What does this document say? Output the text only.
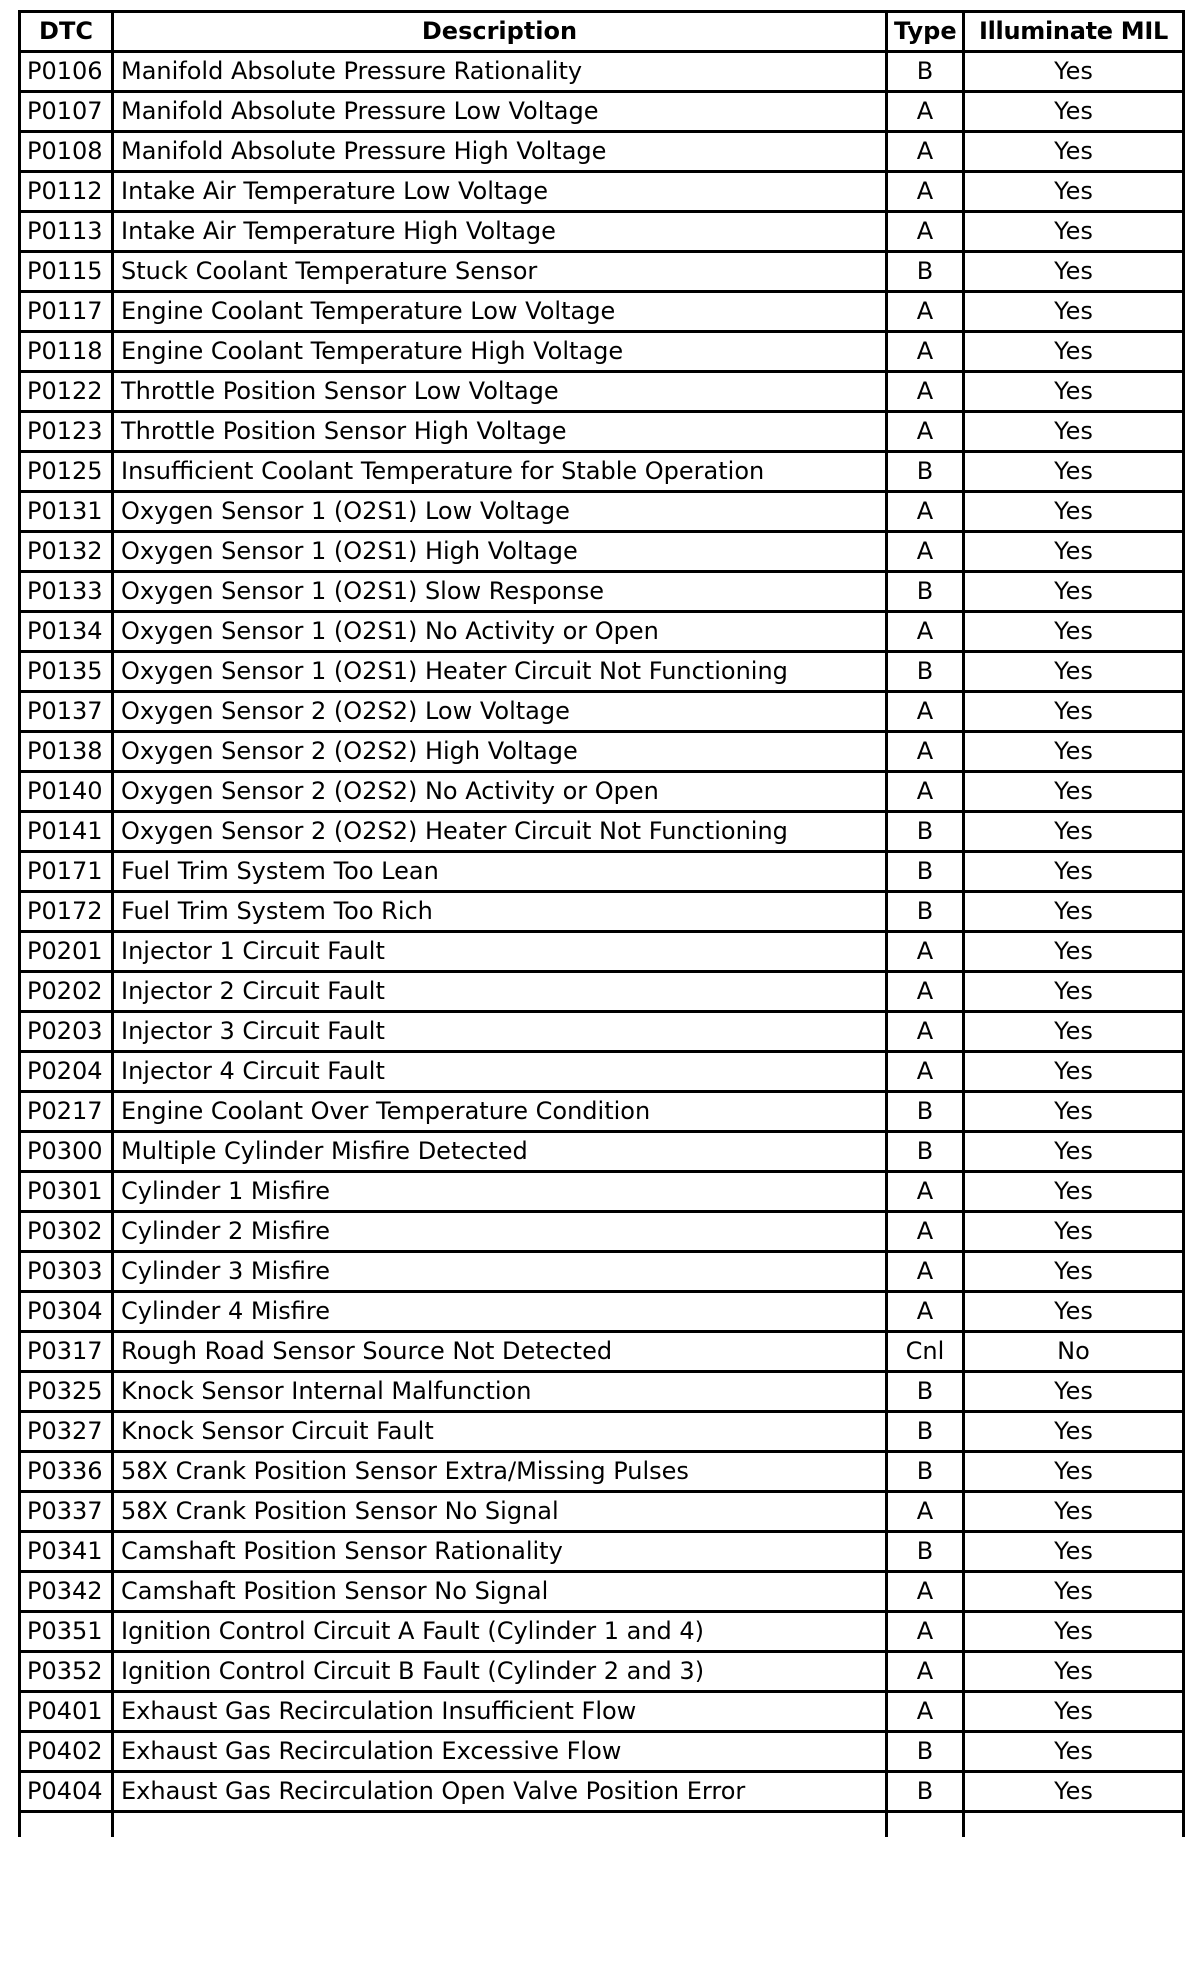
DTC	Description	Type	Illuminate MIL
P0106	Manifold Absolute Pressure Rationality	B	Yes
P0107	Manifold Absolute Pressure Low Voltage	A	Yes
P0108	Manifold Absolute Pressure High Voltage	A	Yes
P0112	Intake Air Temperature Low Voltage	A	Yes
P0113	Intake Air Temperature High Voltage	A	Yes
P0115	Stuck Coolant Temperature Sensor	B	Yes
P0117	Engine Coolant Temperature Low Voltage	A	Yes
P0118	Engine Coolant Temperature High Voltage	A	Yes
P0122	Throttle Position Sensor Low Voltage	A	Yes
P0123	Throttle Position Sensor High Voltage	A	Yes
P0125	Insufficient Coolant Temperature for Stable Operation	B	Yes
P0131	Oxygen Sensor 1 (O2S1) Low Voltage	A	Yes
P0132	Oxygen Sensor 1 (O2S1) High Voltage	A	Yes
P0133	Oxygen Sensor 1 (O2S1) Slow Response	B	Yes
P0134	Oxygen Sensor 1 (O2S1) No Activity or Open	A	Yes
P0135	Oxygen Sensor 1 (O2S1) Heater Circuit Not Functioning	B	Yes
P0137	Oxygen Sensor 2 (O2S2) Low Voltage	A	Yes
P0138	Oxygen Sensor 2 (O2S2) High Voltage	A	Yes
P0140	Oxygen Sensor 2 (O2S2) No Activity or Open	A	Yes
P0141	Oxygen Sensor 2 (O2S2) Heater Circuit Not Functioning	B	Yes
P0171	Fuel Trim System Too Lean	B	Yes
P0172	Fuel Trim System Too Rich	B	Yes
P0201	Injector 1 Circuit Fault	A	Yes
P0202	Injector 2 Circuit Fault	A	Yes
P0203	Injector 3 Circuit Fault	A	Yes
P0204	Injector 4 Circuit Fault	A	Yes
P0217	Engine Coolant Over Temperature Condition	B	Yes
P0300	Multiple Cylinder Misfire Detected	B	Yes
P0301	Cylinder 1 Misfire	A	Yes
P0302	Cylinder 2 Misfire	A	Yes
P0303	Cylinder 3 Misfire	A	Yes
P0304	Cylinder 4 Misfire	A	Yes
P0317	Rough Road Sensor Source Not Detected	Cnl	No
P0325	Knock Sensor Internal Malfunction	B	Yes
P0327	Knock Sensor Circuit Fault	B	Yes
P0336	58X Crank Position Sensor Extra/Missing Pulses	B	Yes
P0337	58X Crank Position Sensor No Signal	A	Yes
P0341	Camshaft Position Sensor Rationality	B	Yes
P0342	Camshaft Position Sensor No Signal	A	Yes
P0351	Ignition Control Circuit A Fault (Cylinder 1 and 4)	A	Yes
P0352	Ignition Control Circuit B Fault (Cylinder 2 and 3)	A	Yes
P0401	Exhaust Gas Recirculation Insufficient Flow	A	Yes
P0402	Exhaust Gas Recirculation Excessive Flow	B	Yes
P0404	Exhaust Gas Recirculation Open Valve Position Error	B	Yes
